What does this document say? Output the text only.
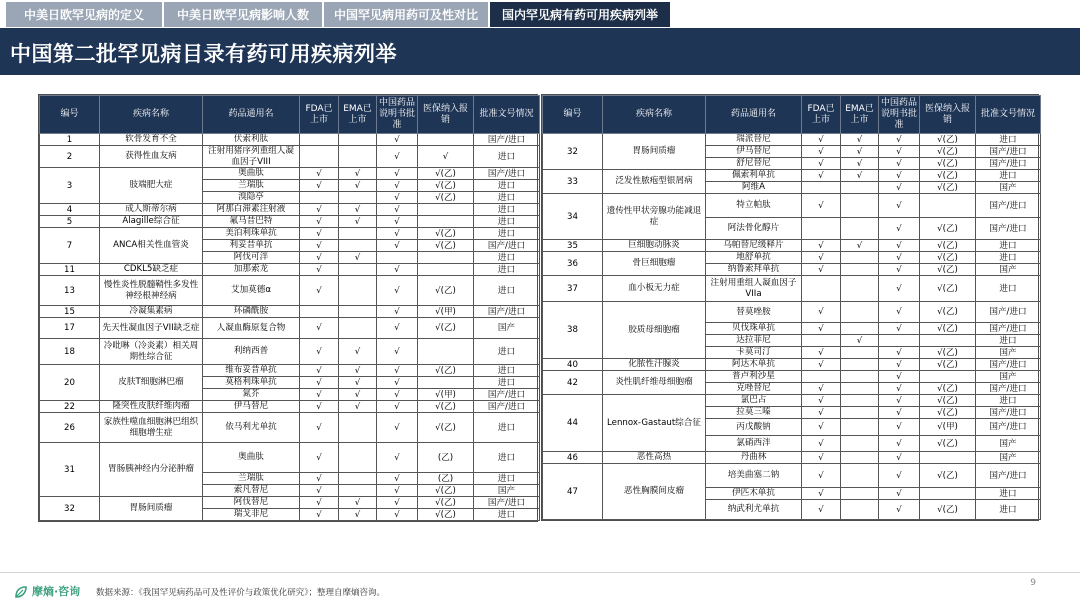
中美日欧罕见病的定义	中美日欧罕见病影响人数	中国罕见病用药可及性对比	国内罕见病有药可用疾病列举
中国第二批罕见病目录有药可用疾病列举
编号	疾病名称	药品通用名	FDA已上市	EMA已上市	中国药品说明书批准	医保纳入报销	批准文号情况
1	软骨发育不全	伏索利肽			√		国产/进口
2	获得性血友病	注射用猪序列重组人凝血因子VIII			√	√	进口
3	肢端肥大症	奥曲肽	√	√	√	√(乙)	国产/进口
		兰瑞肽	√	√	√	√(乙)	进口
		溴隐亭			√	√(乙)	进口
4	成人斯蒂尔病	阿那白滞素注射液	√	√	√		进口
5	Alagille综合征	氟马昔巴特	√	√	√		进口
7	ANCA相关性血管炎	美泊利珠单抗	√		√	√(乙)	进口
		利妥昔单抗	√		√	√(乙)	国产/进口
		阿伐可泮	√	√			进口
11	CDKL5缺乏症	加那索龙	√		√		进口
13	慢性炎性脱髓鞘性多发性神经根神经病	艾加莫德α	√		√	√(乙)	进口
15	冷凝集素病	环磷酰胺			√	√(甲)	国产/进口
17	先天性凝血因子VII缺乏症	人凝血酶原复合物	√		√	√(乙)	国产
18	冷吡啉（冷炎素）相关周期性综合征	利纳西普	√	√	√		进口
20	皮肤T细胞淋巴瘤	维布妥昔单抗	√	√	√	√(乙)	进口
		莫格利珠单抗	√	√	√		进口
		氮芥	√	√	√	√(甲)	国产/进口
22	隆突性皮肤纤维肉瘤	伊马替尼	√	√	√	√(乙)	国产/进口
26	家族性噬血细胞淋巴组织细胞增生症	依马利尤单抗	√		√	√(乙)	进口
31	胃肠胰神经内分泌肿瘤	奥曲肽	√		√	(乙)	进口
		兰瑞肽	√		√	(乙)	进口
		索凡替尼	√		√	√(乙)	国产
32	胃肠间质瘤	阿伐替尼	√	√	√	√(乙)	国产/进口
		瑞戈非尼	√	√	√	√(乙)	进口
编号	疾病名称	药品通用名	FDA已上市	EMA已上市	中国药品说明书批准	医保纳入报销	批准文号情况
32	胃肠间质瘤	瑞派替尼	√	√	√	√(乙)	进口
		伊马替尼	√	√	√	√(乙)	国产/进口
		舒尼替尼	√	√	√	√(乙)	国产/进口
33	泛发性脓疱型银屑病	佩索利单抗	√	√	√	√(乙)	进口
		阿维A			√	√(乙)	国产
34	遗传性甲状旁腺功能减退症	特立帕肽	√		√		国产/进口
		阿法骨化醇片			√	√(乙)	国产/进口
35	巨细胞动脉炎	乌帕替尼缓释片	√	√	√	√(乙)	进口
36	骨巨细胞瘤	地舒单抗	√		√	√(乙)	进口
		纳鲁索拜单抗	√		√	√(乙)	国产
37	血小板无力症	注射用重组人凝血因子VIIa			√	√(乙)	进口
38	胶质母细胞瘤	替莫唑胺	√		√	√(乙)	国产/进口
		贝伐珠单抗	√		√	√(乙)	国产/进口
		达拉菲尼		√			进口
		卡莫司汀	√		√	√(乙)	国产
40	化脓性汗腺炎	阿达木单抗	√		√	√(乙)	国产/进口
42	炎性肌纤维母细胞瘤	普卢利沙星			√		国产
		克唑替尼	√		√	√(乙)	国产/进口
44	Lennox-Gastaut综合征	氯巴占	√		√	√(乙)	进口
		拉莫三嗪	√		√	√(乙)	国产/进口
		丙戊酸钠	√		√	√(甲)	国产/进口
		氯硝西泮	√		√	√(乙)	国产
46	恶性高热	丹曲林	√		√		国产
47	恶性胸膜间皮瘤	培美曲塞二钠	√		√	√(乙)	国产/进口
		伊匹木单抗	√		√		进口
		纳武利尤单抗	√		√	√(乙)	进口
摩熵·咨询 数据来源：《我国罕见病药品可及性评价与政策优化研究》；整理自摩熵咨询。
9
